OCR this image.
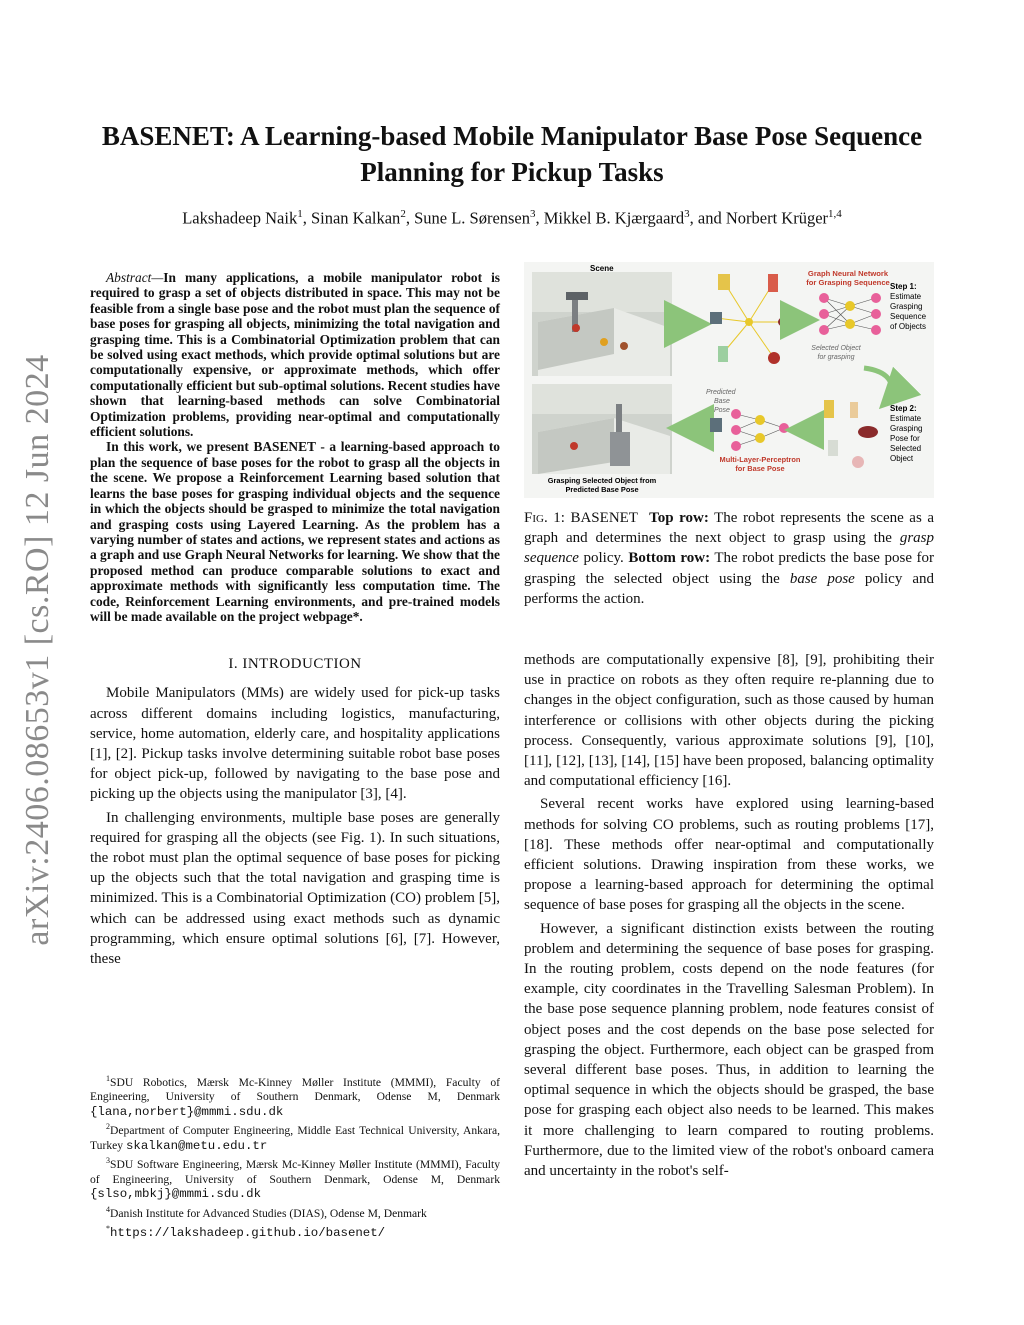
arXiv:2406.08653v1 [cs.RO] 12 Jun 2024
BASENET: A Learning-based Mobile Manipulator Base Pose Sequence Planning for Pickup Tasks

Lakshadeep Naik$^1$, Sinan Kalkan$^2$, Sune L. Sørensen$^3$, Mikkel B. Kjærgaard$^3$, and Norbert Krüger$^{1,4}$

Abstract—In many applications, a mobile manipulator robot is required to grasp a set of objects distributed in space. This may not be feasible from a single base pose and the robot must plan the sequence of base poses for grasping all objects, minimizing the total navigation and grasping time. This is a Combinatorial Optimization problem that can be solved using exact methods, which provide optimal solutions but are computationally expensive, or approximate methods, which offer computationally efficient but sub-optimal solutions. Recent studies have shown that learning-based methods can solve Combinatorial Optimization problems, providing near-optimal and computationally efficient solutions.

In this work, we present BASENET - a learning-based approach to plan the sequence of base poses for the robot to grasp all the objects in the scene. We propose a Reinforcement Learning based solution that learns the base poses for grasping individual objects and the sequence in which the objects should be grasped to minimize the total navigation and grasping costs using Layered Learning. As the problem has a varying number of states and actions, we represent states and actions as a graph and use Graph Neural Networks for learning. We show that the proposed method can produce comparable solutions to exact and approximate methods with significantly less computation time. The code, Reinforcement Learning environments, and pre-trained models will be made available on the project webpage*.

I. INTRODUCTION

Mobile Manipulators (MMs) are widely used for pick-up tasks across different domains including logistics, manufacturing, service, home automation, elderly care, and hospitality applications [1], [2]. Pickup tasks involve determining suitable robot base poses for object pick-up, followed by navigating to the base pose and picking up the objects using the manipulator [3], [4].

In challenging environments, multiple base poses are generally required for grasping all the objects (see Fig. 1). In such situations, the robot must plan the optimal sequence of base poses for picking up the objects such that the total navigation and grasping time is minimized. This is a Combinatorial Optimization (CO) problem [5], which can be addressed using exact methods such as dynamic programming, which ensure optimal solutions [6], [7]. However, these

$^1$SDU Robotics, Mærsk Mc-Kinney Møller Institute (MMMI), Faculty of Engineering, University of Southern Denmark, Odense M, Denmark {lana,norbert}@mmmi.sdu.dk

$^2$Department of Computer Engineering, Middle East Technical University, Ankara, Turkey skalkan@metu.edu.tr

$^3$SDU Software Engineering, Mærsk Mc-Kinney Møller Institute (MMMI), Faculty of Engineering, University of Southern Denmark, Odense M, Denmark {slso,mbkj}@mmmi.sdu.dk

$^4$Danish Institute for Advanced Studies (DIAS), Odense M, Denmark

*https://lakshadeep.github.io/basenet/

Scene
Graph Neural Network
for Grasping Sequence
Selected Object
for grasping
Step 1:
Estimate
Grasping
Sequence
of Objects
Grasping Selected Object from
Predicted Base Pose
Predicted
Base
Pose
Multi-Layer-Perceptron
for Base Pose
Step 2:
Estimate
Grasping
Pose for
Selected
Object

Fig. 1: BASENET Top row: The robot represents the scene as a graph and determines the next object to grasp using the grasp sequence policy. Bottom row: The robot predicts the base pose for grasping the selected object using the base pose policy and performs the action.

methods are computationally expensive [8], [9], prohibiting their use in practice on robots as they often require re-planning due to changes in the object configuration, such as those caused by human interference or collisions with other objects during the picking process. Consequently, various approximate solutions [9], [10], [11], [12], [13], [14], [15] have been proposed, balancing optimality and computational efficiency [16].

Several recent works have explored using learning-based methods for solving CO problems, such as routing problems [17], [18]. These methods offer near-optimal and computationally efficient solutions. Drawing inspiration from these works, we propose a learning-based approach for determining the optimal sequence of base poses for grasping all the objects in the scene.

However, a significant distinction exists between the routing problem and determining the sequence of base poses for grasping. In the routing problem, costs depend on the node features (for example, city coordinates in the Travelling Salesman Problem). In the base pose sequence planning problem, node features consist of object poses and the cost depends on the base pose selected for grasping the object. Furthermore, each object can be grasped from several different base poses. Thus, in addition to learning the optimal sequence in which the objects should be grasped, the base pose for grasping each object also needs to be learned. This makes it more challenging to learn compared to routing problems. Furthermore, due to the limited view of the robot's onboard camera and uncertainty in the robot's self-
